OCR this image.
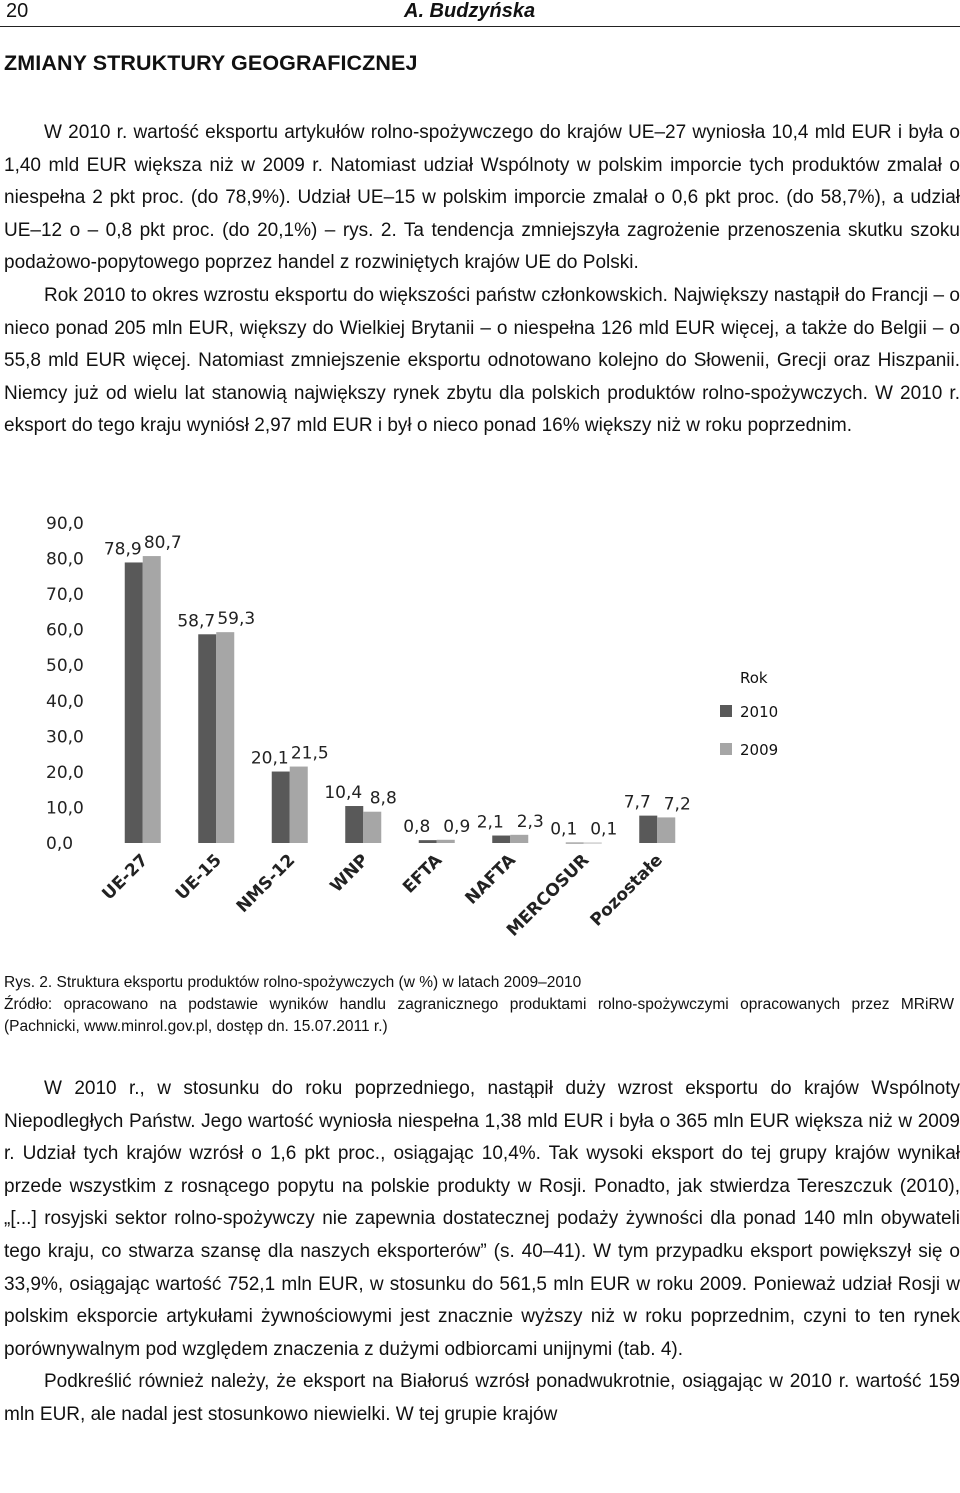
20	A. Budzyńska
ZMIANY STRUKTURY GEOGRAFICZNEJ

W 2010 r. wartość eksportu artykułów rolno-spożywczego do krajów UE–27 wyniosła 10,4 mld EUR i była o 1,40 mld EUR większa niż w 2009 r. Natomiast udział Wspólnoty w polskim imporcie tych produktów zmalał o niespełna 2 pkt proc. (do 78,9%). Udział UE–15 w polskim imporcie zmalał o 0,6 pkt proc. (do 58,7%), a udział UE–12 o – 0,8 pkt proc. (do 20,1%) – rys. 2. Ta tendencja zmniejszyła zagrożenie przenoszenia skutku szoku podażowo-popytowego poprzez handel z rozwiniętych krajów UE do Polski.

Rok 2010 to okres wzrostu eksportu do większości państw członkowskich. Największy nastąpił do Francji – o nieco ponad 205 mln EUR, większy do Wielkiej Brytanii – o niespełna 126 mld EUR więcej, a także do Belgii – o 55,8 mld EUR więcej. Natomiast zmniejszenie eksportu odnotowano kolejno do Słowenii, Grecji oraz Hiszpanii. Niemcy już od wielu lat stanowią największy rynek zbytu dla polskich produktów rolno-spożywczych. W 2010 r. eksport do tego kraju wyniósł 2,97 mld EUR i był o nieco ponad 16% większy niż w roku poprzednim.

0,0
10,0
20,0
30,0
40,0
50,0
60,0
70,0
80,0
90,0
78,9 80,7
58,7 59,3
20,1 21,5
10,4 8,8
0,8 0,9 2,1 2,3 0,1 0,1
7,7 7,2
UE-27 UE-15 NMS-12 WNP EFTA NAFTA
MERCOSUR
Pozostałe
Rok
2010
2009
Rys. 2. Struktura eksportu produktów rolno-spożywczych (w %) w latach 2009–2010
Źródło: opracowano na podstawie wyników handlu zagranicznego produktami rolno-spożywczymi opracowanych przez MRiRW (Pachnicki, www.minrol.gov.pl, dostęp dn. 15.07.2011 r.)

W 2010 r., w stosunku do roku poprzedniego, nastąpił duży wzrost eksportu do krajów Wspólnoty Niepodległych Państw. Jego wartość wyniosła niespełna 1,38 mld EUR i była o 365 mln EUR większa niż w 2009 r. Udział tych krajów wzrósł o 1,6 pkt proc., osiągając 10,4%. Tak wysoki eksport do tej grupy krajów wynikał przede wszystkim z rosnącego popytu na polskie produkty w Rosji. Ponadto, jak stwierdza Tereszczuk (2010), „[...] rosyjski sektor rolno-spożywczy nie zapewnia dostatecznej podaży żywności dla ponad 140 mln obywateli tego kraju, co stwarza szansę dla naszych eksporterów” (s. 40–41). W tym przypadku eksport powiększył się o 33,9%, osiągając wartość 752,1 mln EUR, w stosunku do 561,5 mln EUR w roku 2009. Ponieważ udział Rosji w polskim eksporcie artykułami żywnościowymi jest znacznie wyższy niż w roku poprzednim, czyni to ten rynek porównywalnym pod względem znaczenia z dużymi odbiorcami unijnymi (tab. 4).

Podkreślić również należy, że eksport na Białoruś wzrósł ponadwukrotnie, osiągając w 2010 r. wartość 159 mln EUR, ale nadal jest stosunkowo niewielki. W tej grupie krajów
